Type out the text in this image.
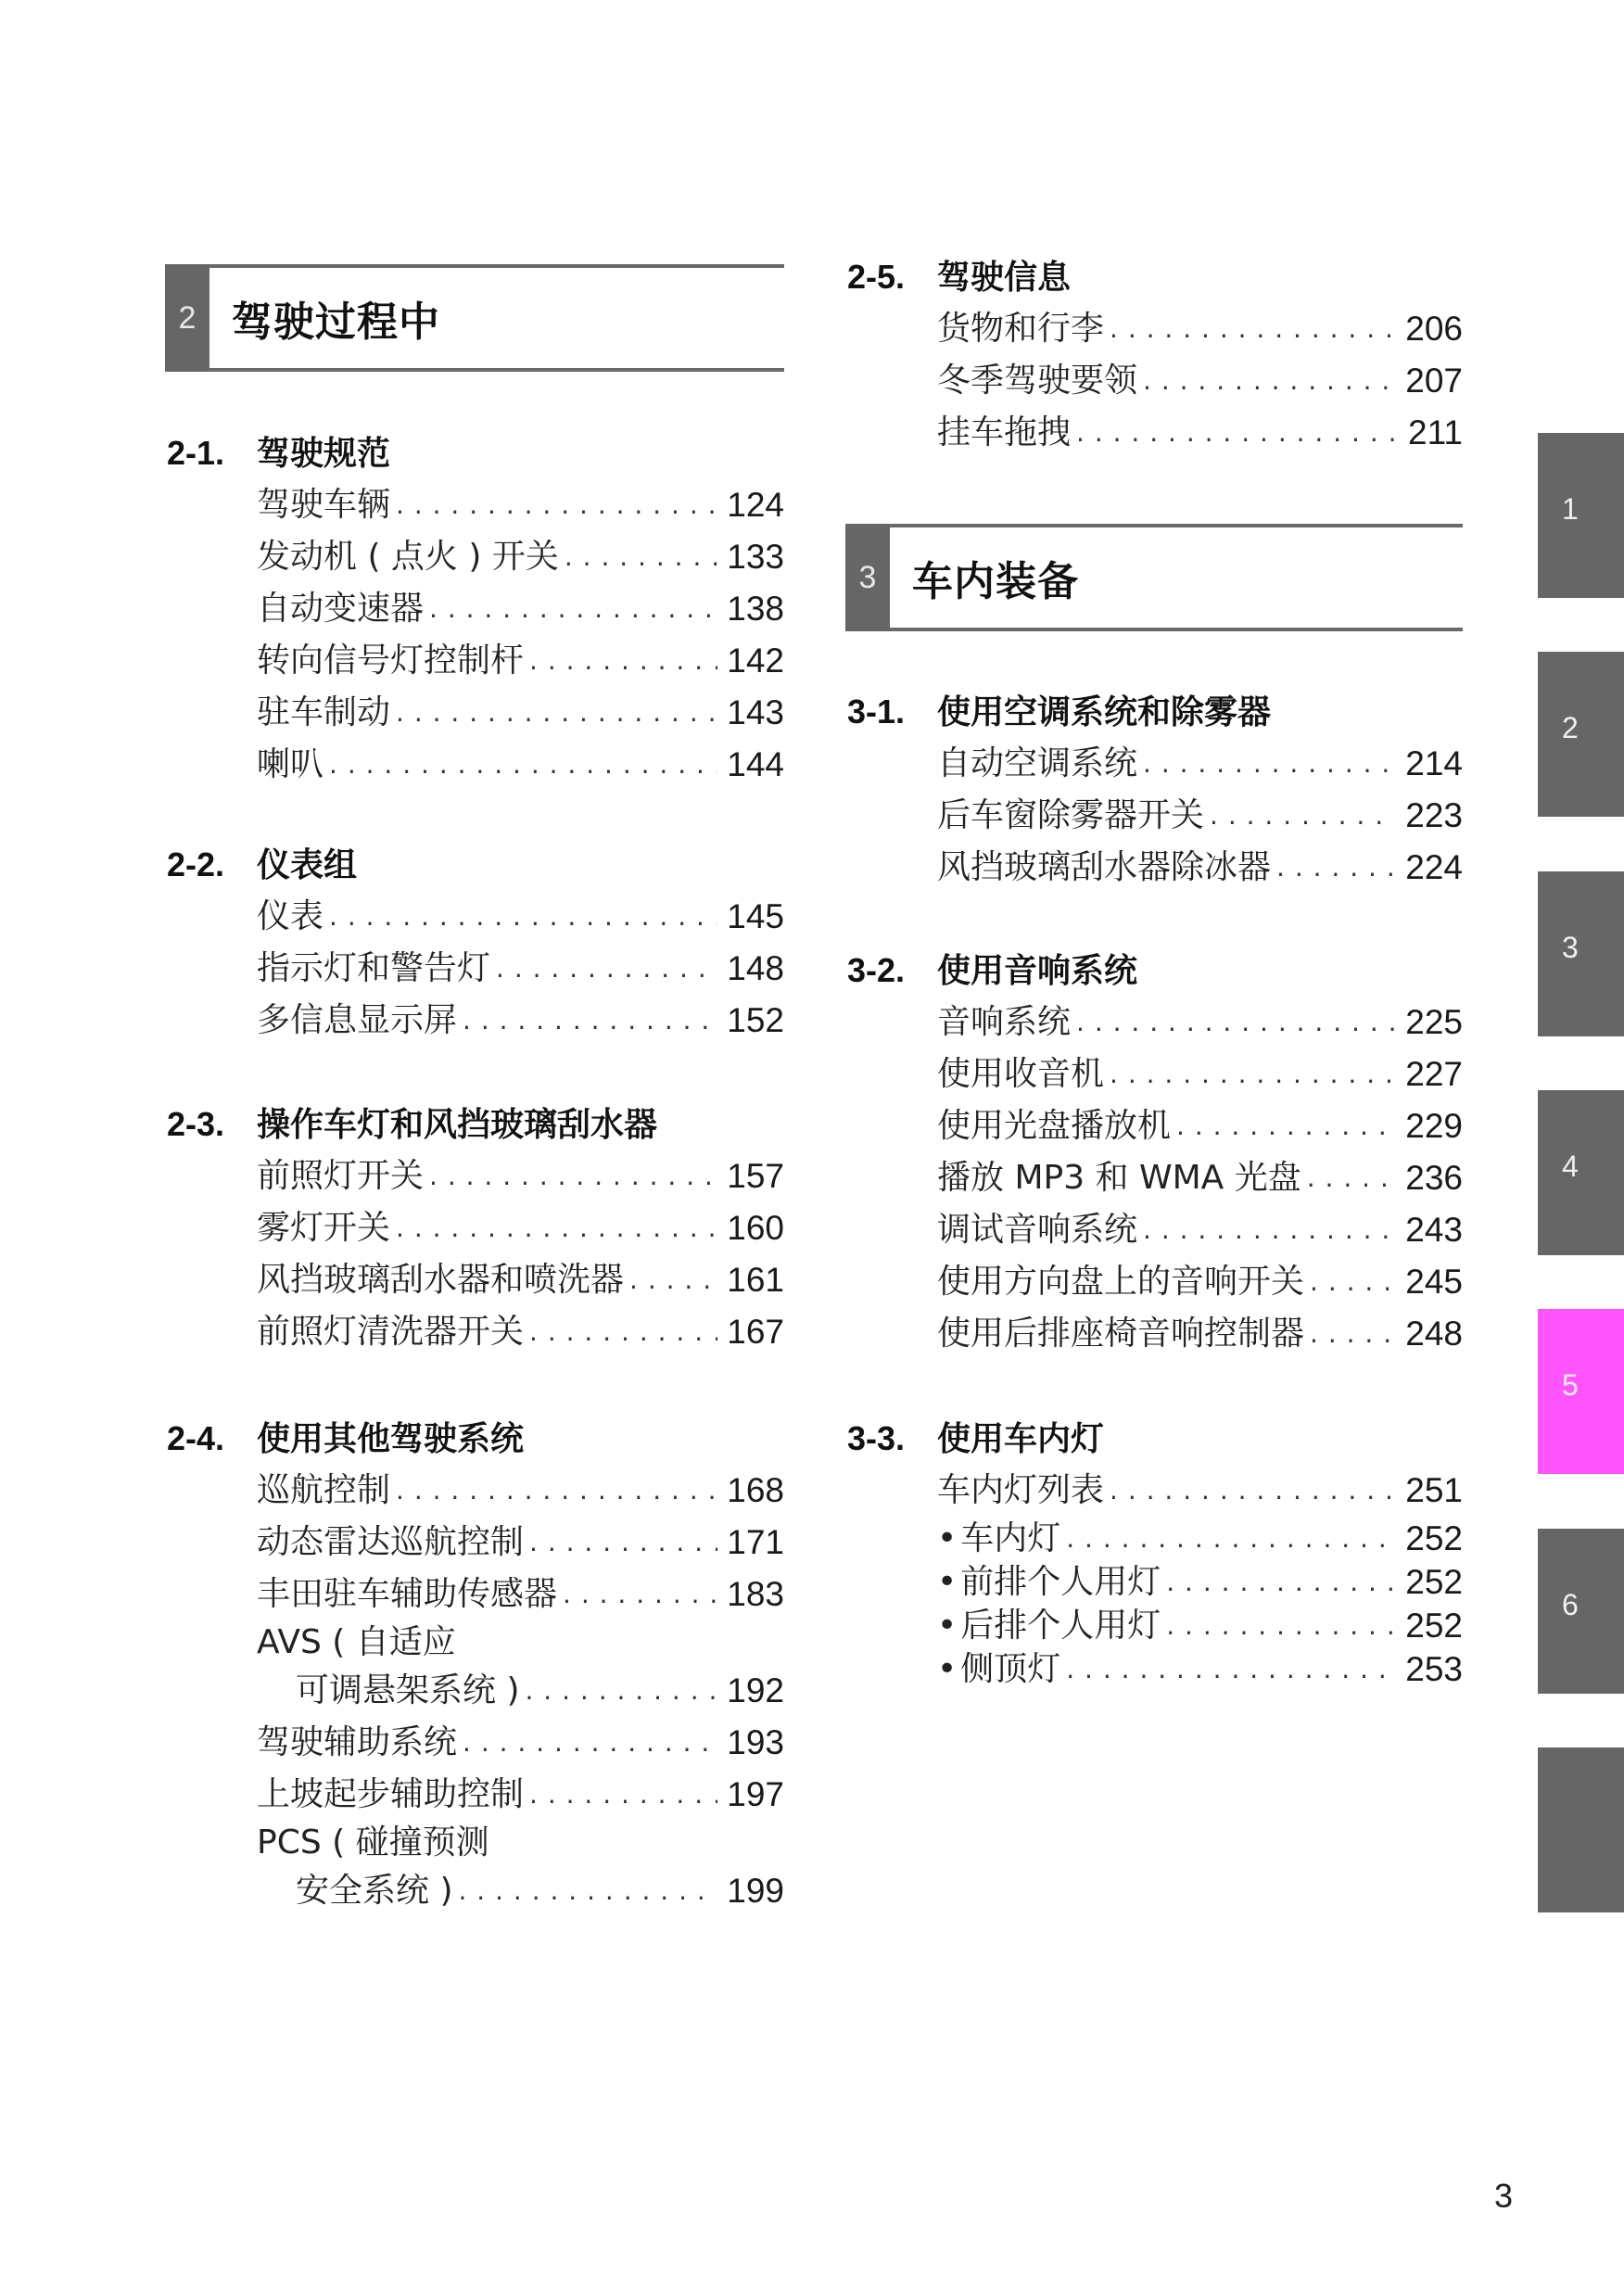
2 驾驶过程中
2-1. 驾驶规范
驾驶车辆 . . .	124
发动机 ( 点火 ) 开关 . . .	133
自动变速器 . . .	138
转向信号灯控制杆 . . .	142
驻车制动 . . .	143
喇叭 . . .	144
2-2. 仪表组
仪表 . . .	145
指示灯和警告灯 . . .	148
多信息显示屏 . . .	152
2-3. 操作车灯和风挡玻璃刮水器
前照灯开关 . . .	157
雾灯开关 . . .	160
风挡玻璃刮水器和喷洗器 . . .	161
前照灯清洗器开关 . . .	167
2-4. 使用其他驾驶系统
巡航控制 . . .	168
动态雷达巡航控制 . . .	171
丰田驻车辅助传感器 . . .	183
AVS ( 自适应
可调悬架系统 ) . . .	192
驾驶辅助系统 . . .	193
上坡起步辅助控制 . . .	197
PCS ( 碰撞预测
安全系统 ) . . .	199
2-5. 驾驶信息
货物和行李 . . .	206
冬季驾驶要领 . . .	207
挂车拖拽 . . .	211
3 车内装备
3-1. 使用空调系统和除雾器
自动空调系统 . . .	214
后车窗除雾器开关 . . .	223
风挡玻璃刮水器除冰器 . . .	224
3-2. 使用音响系统
音响系统 . . .	225
使用收音机 . . .	227
使用光盘播放机 . . .	229
播放 MP3 和 WMA 光盘 . . .	236
调试音响系统 . . .	243
使用方向盘上的音响开关 . . .	245
使用后排座椅音响控制器 . . .	248
3-3. 使用车内灯
车内灯列表 . . .	251
• 车内灯 . . .	252
• 前排个人用灯 . . .	252
• 后排个人用灯 . . .	252
• 侧顶灯 . . .	253
1
2
3
4
5
6
3
